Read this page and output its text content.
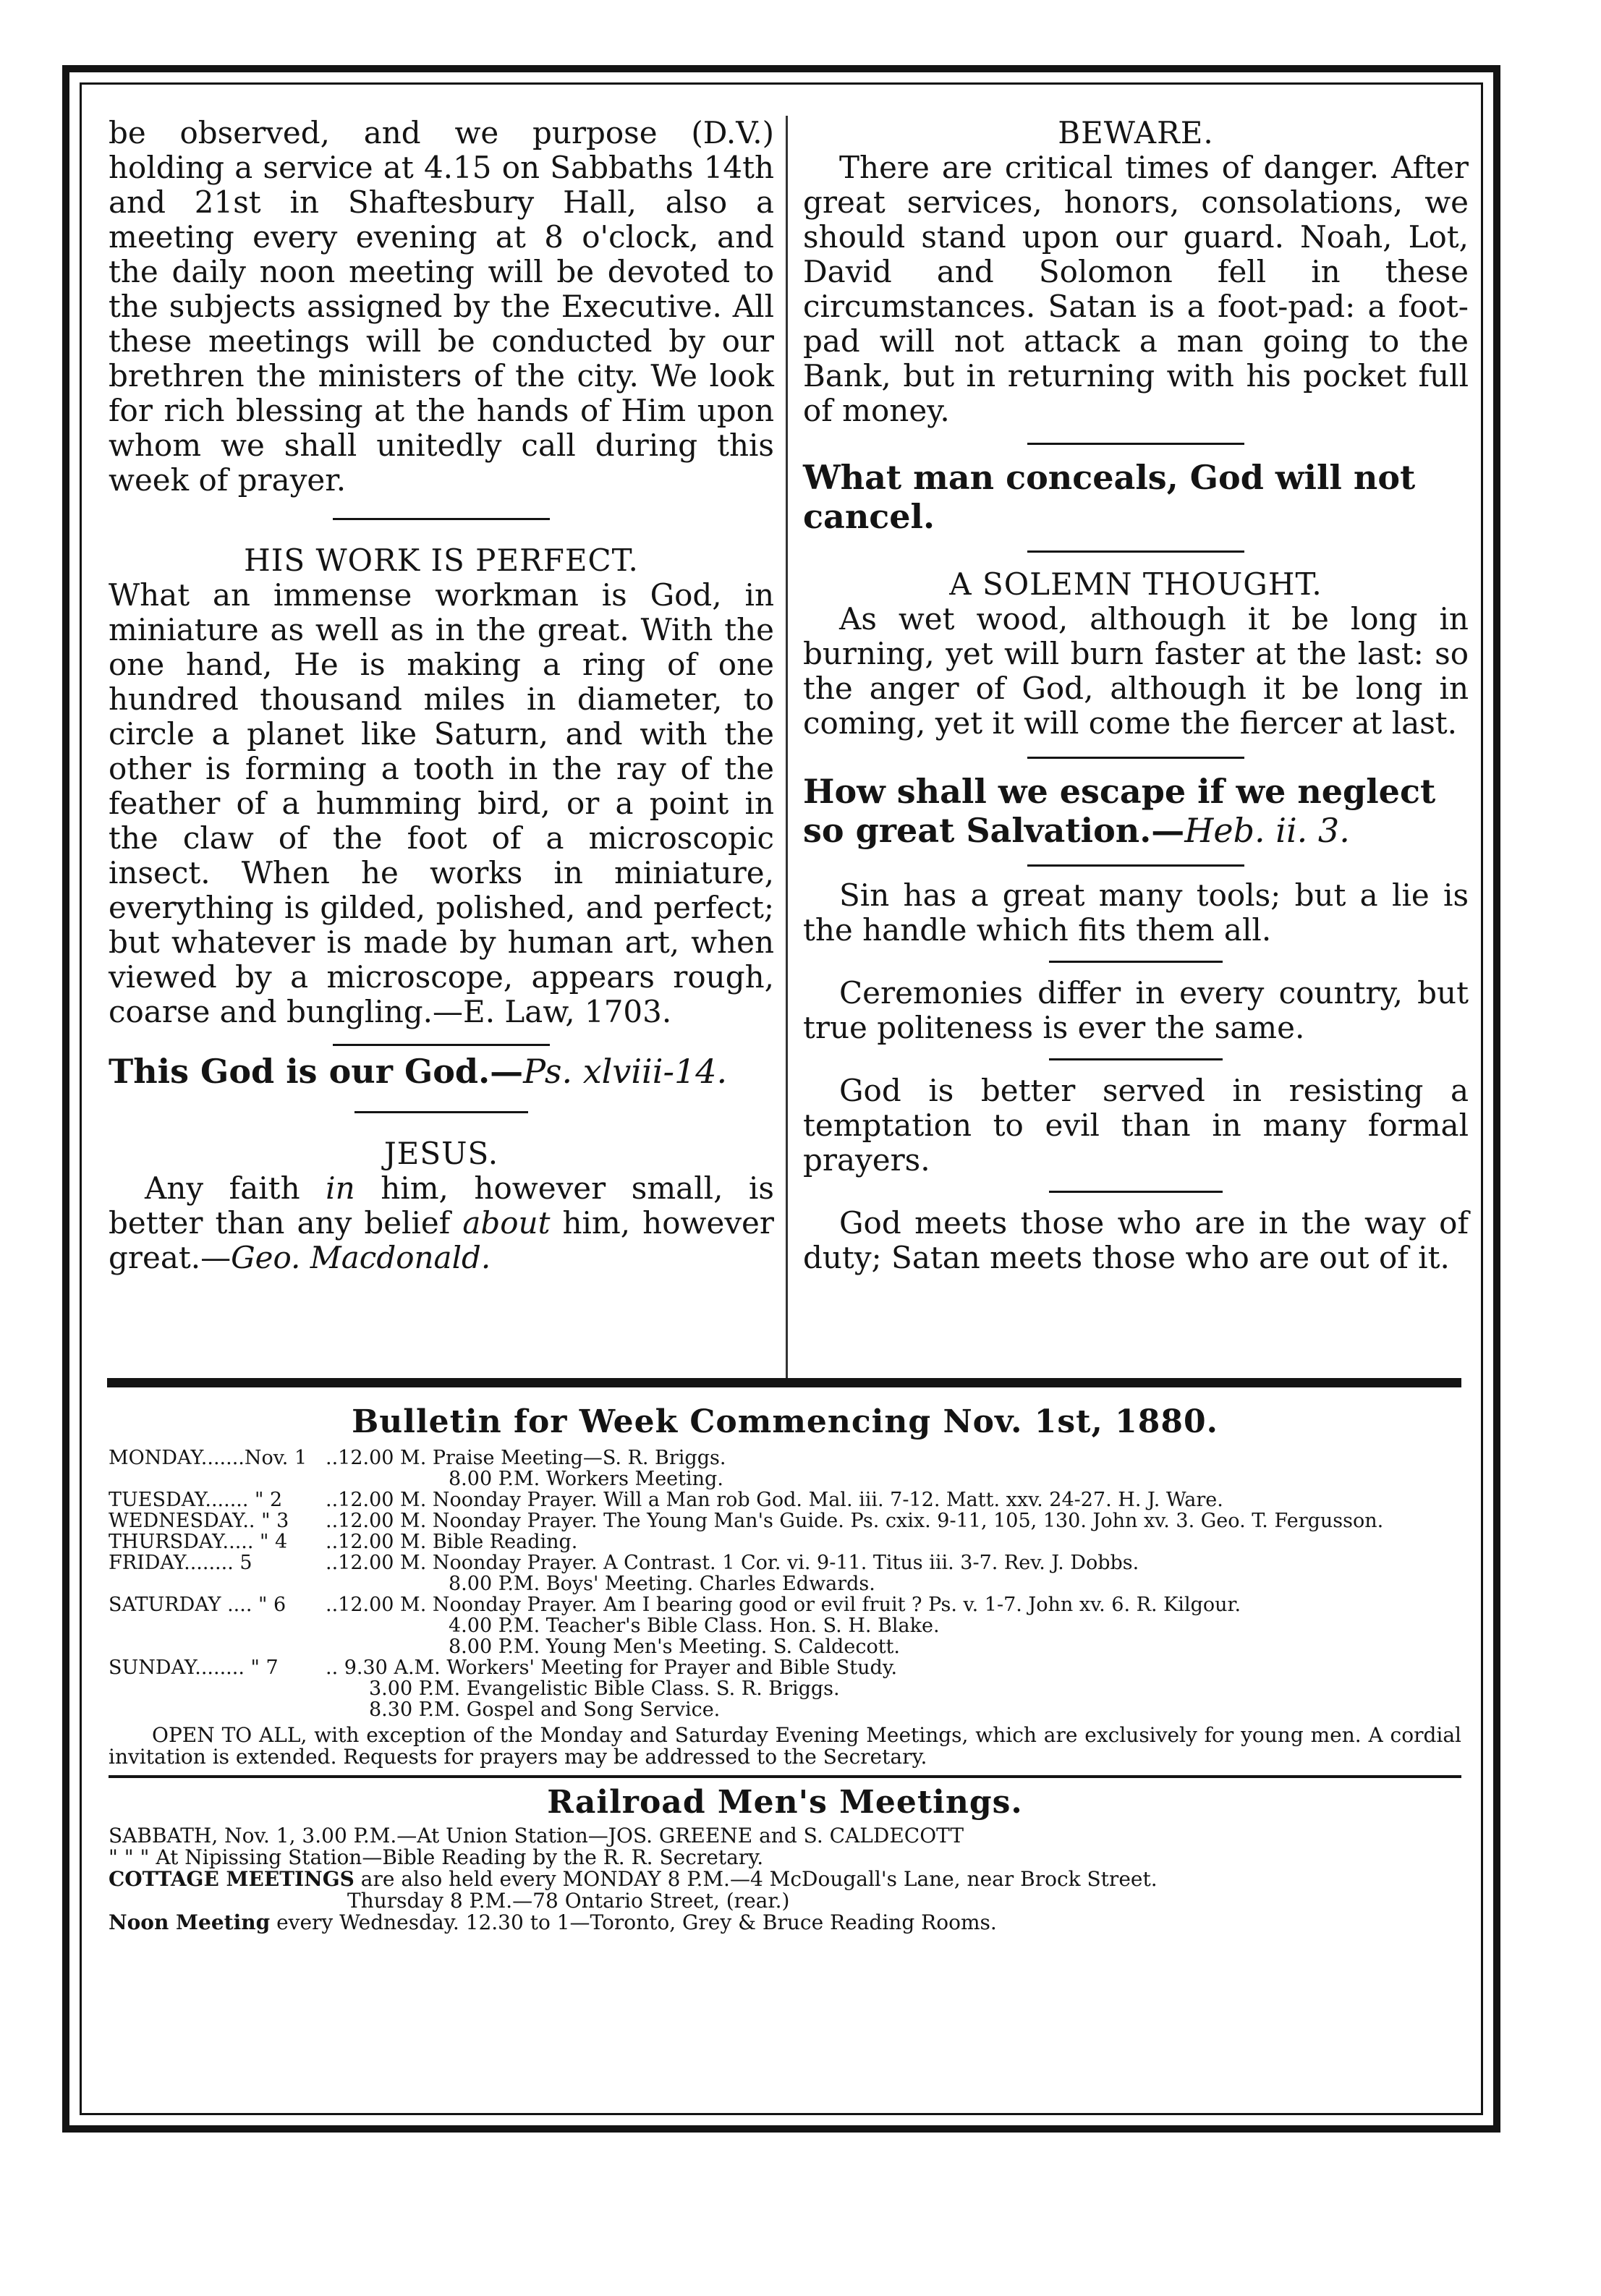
be observed, and we purpose (D.V.) holding a service at 4.15 on Sabbaths 14th and 21st in Shaftesbury Hall, also a meeting every evening at 8 o'clock, and the daily noon meeting will be devoted to the subjects assigned by the Executive. All these meetings will be conducted by our brethren the ministers of the city. We look for rich blessing at the hands of Him upon whom we shall unitedly call during this week of prayer.

HIS WORK IS PERFECT.

What an immense workman is God, in miniature as well as in the great. With the one hand, He is making a ring of one hundred thousand miles in diameter, to circle a planet like Saturn, and with the other is forming a tooth in the ray of the feather of a humming bird, or a point in the claw of the foot of a microscopic insect. When he works in miniature, everything is gilded, polished, and perfect; but whatever is made by human art, when viewed by a microscope, appears rough, coarse and bungling.—E. Law, 1703.

This God is our God.—Ps. xlviii-14.

JESUS.

Any faith in him, however small, is better than any belief about him, however great.—Geo. Macdonald.

BEWARE.

There are critical times of danger. After great services, honors, consolations, we should stand upon our guard. Noah, Lot, David and Solomon fell in these circumstances. Satan is a foot-pad: a foot-pad will not attack a man going to the Bank, but in returning with his pocket full of money.

What man conceals, God will not cancel.

A SOLEMN THOUGHT.

As wet wood, although it be long in burning, yet will burn faster at the last: so the anger of God, although it be long in coming, yet it will come the fiercer at last.

How shall we escape if we neglect so great Salvation.—Heb. ii. 3.

Sin has a great many tools; but a lie is the handle which fits them all.

Ceremonies differ in every country, but true politeness is ever the same.

God is better served in resisting a temptation to evil than in many formal prayers.

God meets those who are in the way of duty; Satan meets those who are out of it.

Bulletin for Week Commencing Nov. 1st, 1880.

MONDAY.......Nov. 1 ..12.00 M. Praise Meeting—S. R. Briggs.
8.00 P.M. Workers Meeting.
TUESDAY....... " 2	..12.00 M. Noonday Prayer. Will a Man rob God. Mal. iii. 7-12. Matt. xxv. 24-27. H. J. Ware.
WEDNESDAY.. " 3	..12.00 M. Noonday Prayer. The Young Man's Guide. Ps. cxix. 9-11, 105, 130. John xv. 3. Geo. T. Fergusson.
THURSDAY..... " 4	..12.00 M. Bible Reading.
FRIDAY........ 5	..12.00 M. Noonday Prayer. A Contrast. 1 Cor. vi. 9-11. Titus iii. 3-7. Rev. J. Dobbs.
8.00 P.M. Boys' Meeting. Charles Edwards.
SATURDAY .... " 6	..12.00 M. Noonday Prayer. Am I bearing good or evil fruit ? Ps. v. 1-7. John xv. 6. R. Kilgour.
4.00 P.M. Teacher's Bible Class. Hon. S. H. Blake.
8.00 P.M. Young Men's Meeting. S. Caldecott.
SUNDAY........ " 7	.. 9.30 A.M. Workers' Meeting for Prayer and Bible Study.
3.00 P.M. Evangelistic Bible Class. S. R. Briggs.
8.30 P.M. Gospel and Song Service.

OPEN TO ALL, with exception of the Monday and Saturday Evening Meetings, which are exclusively for young men. A cordial invitation is extended. Requests for prayers may be addressed to the Secretary.

Railroad Men's Meetings.

SABBATH, Nov. 1, 3.00 P.M.—At Union Station—JOS. GREENE and S. CALDECOTT

" " " At Nipissing Station—Bible Reading by the R. R. Secretary.

COTTAGE MEETINGS are also held every MONDAY 8 P.M.—4 McDougall's Lane, near Brock Street.

Thursday 8 P.M.—78 Ontario Street, (rear.)

Noon Meeting every Wednesday. 12.30 to 1—Toronto, Grey & Bruce Reading Rooms.
